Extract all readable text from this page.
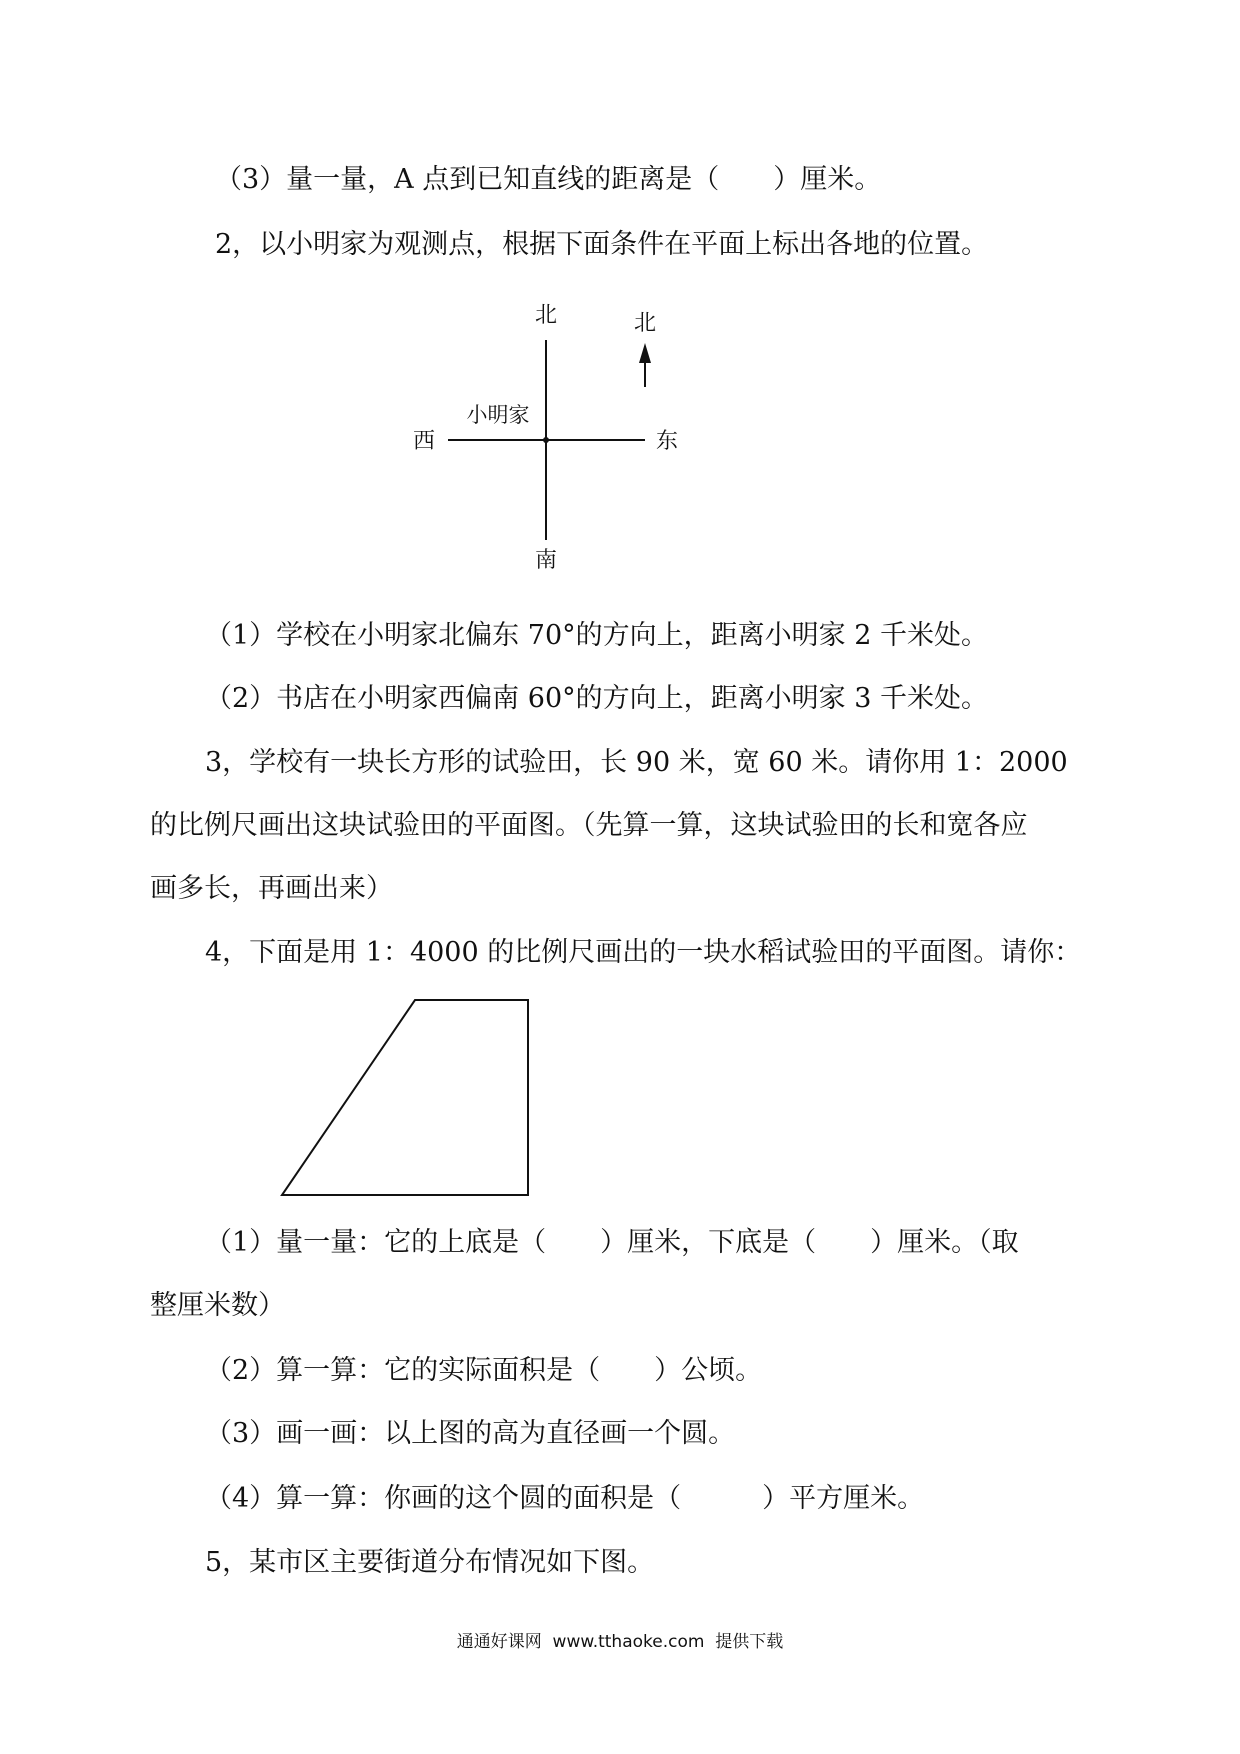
（3）量一量，A 点到已知直线的距离是（　　）厘米。
2，以小明家为观测点，根据下面条件在平面上标出各地的位置。
北
南
西	东
小明家
北
（1）学校在小明家北偏东 70°的方向上，距离小明家 2 千米处。
（2）书店在小明家西偏南 60°的方向上，距离小明家 3 千米处。
3，学校有一块长方形的试验田，长 90 米，宽 60 米。请你用 1：2000
的比例尺画出这块试验田的平面图。（先算一算，这块试验田的长和宽各应
画多长，再画出来）
4，下面是用 1：4000 的比例尺画出的一块水稻试验田的平面图。请你：
（1）量一量：它的上底是（　　）厘米，下底是（　　）厘米。（取
整厘米数）
（2）算一算：它的实际面积是（　　）公顷。
（3）画一画：以上图的高为直径画一个圆。
（4）算一算：你画的这个圆的面积是（　　　）平方厘米。
5，某市区主要街道分布情况如下图。
通通好课网  www.tthaoke.com  提供下载
